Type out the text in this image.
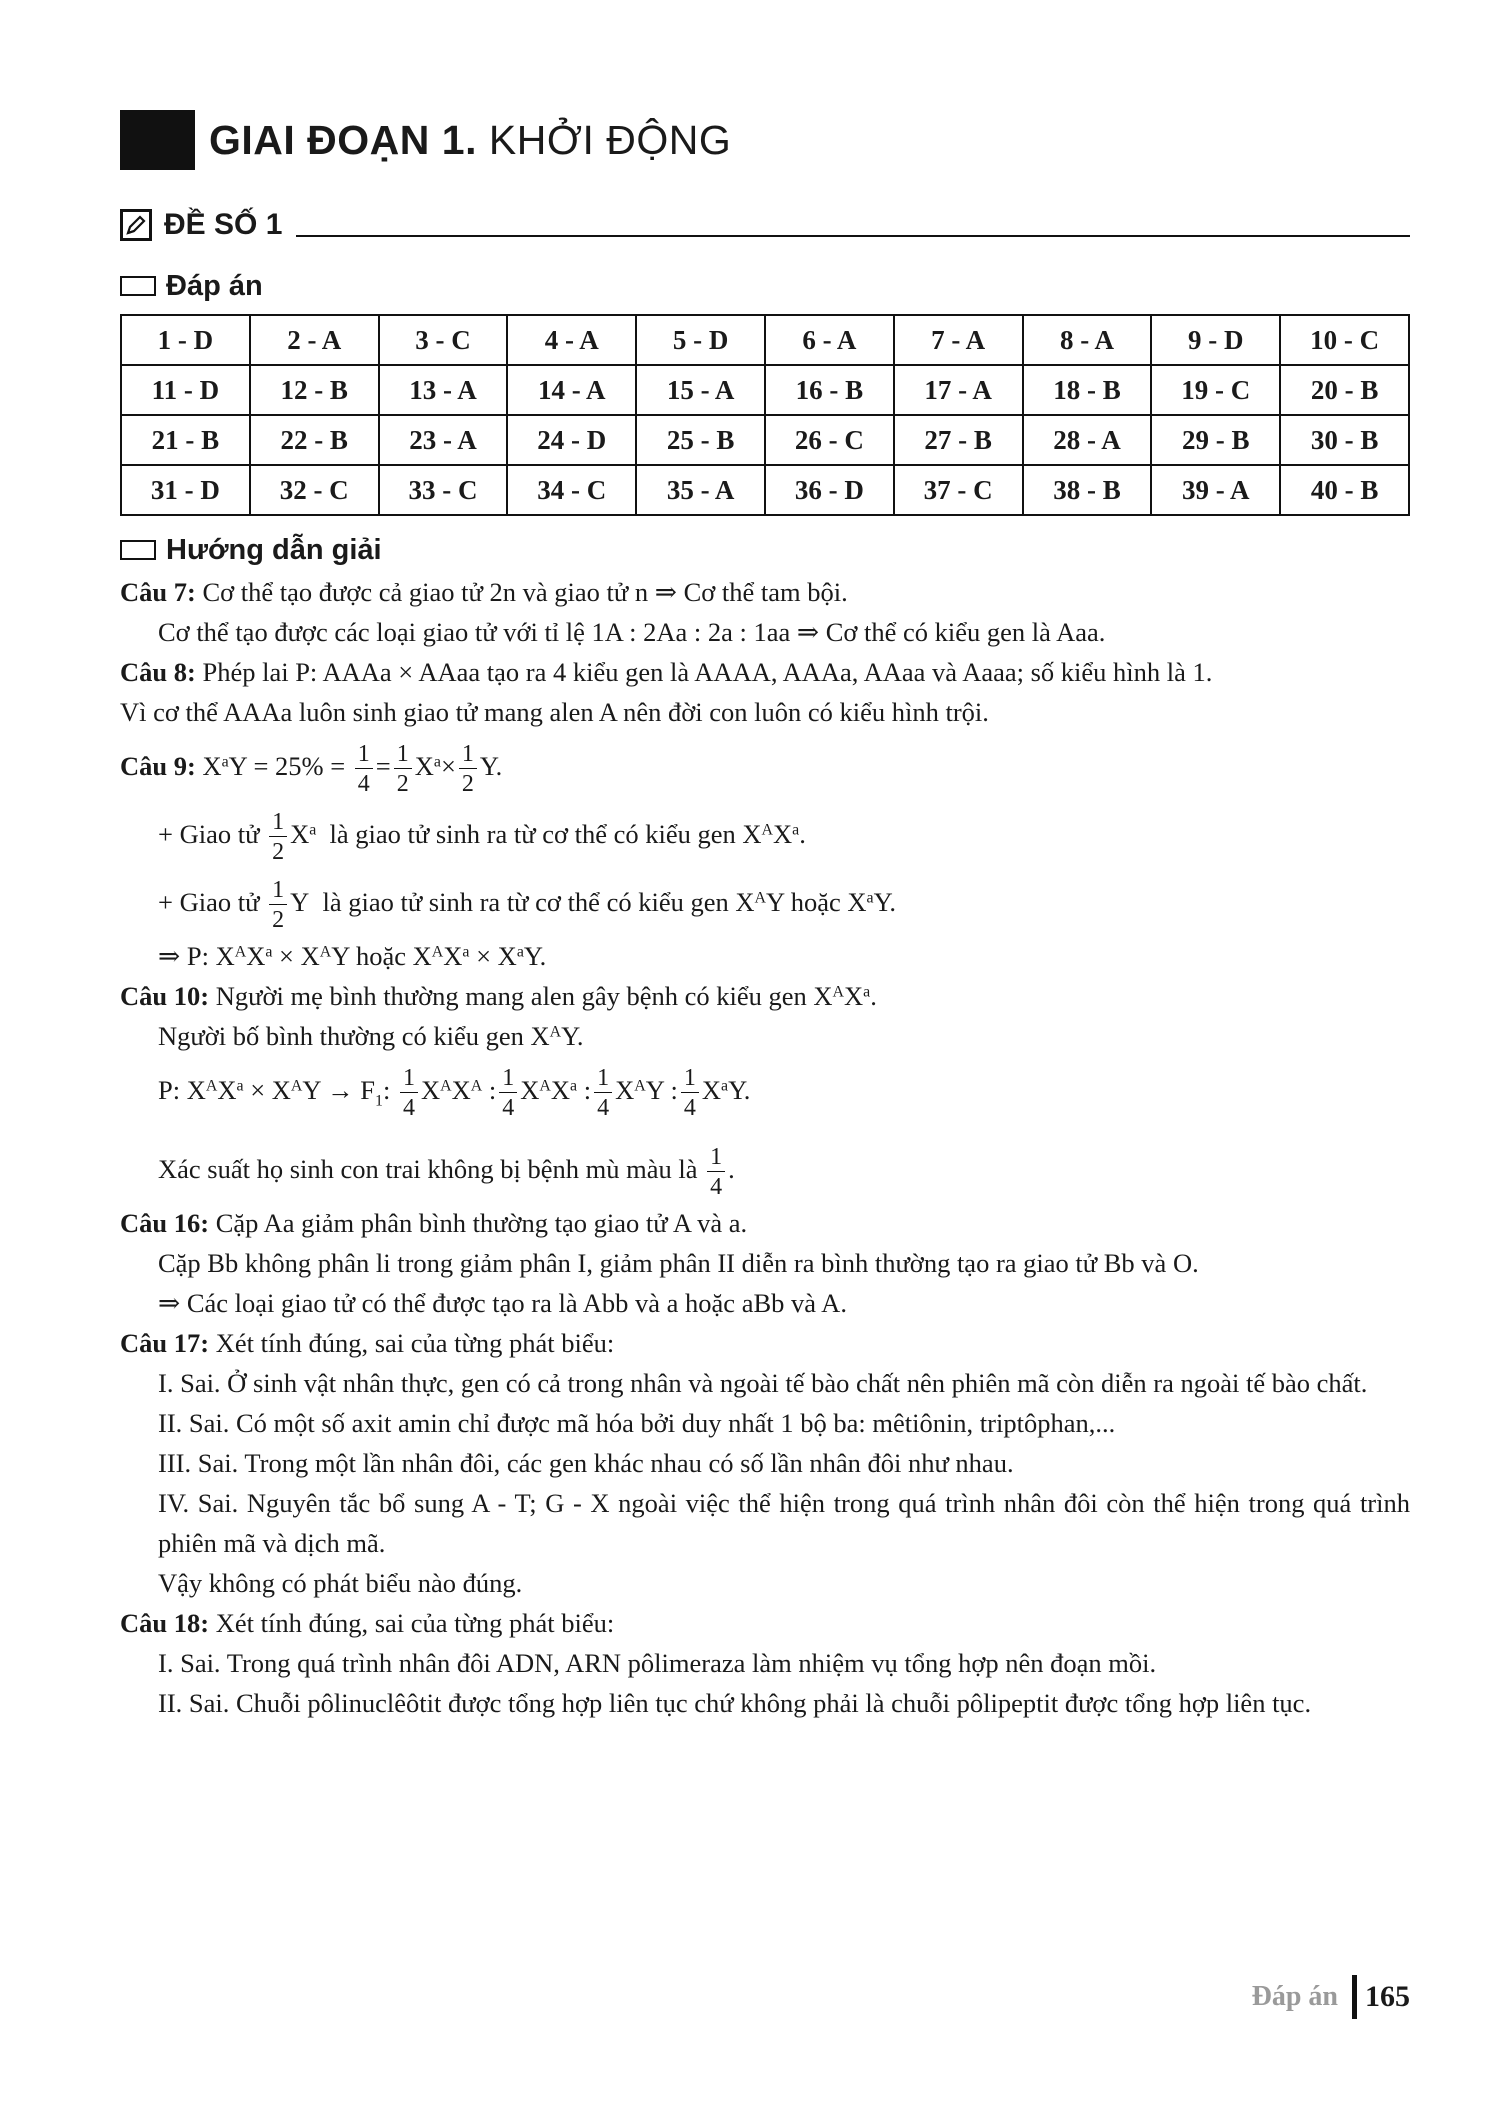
GIAI ĐOẠN 1. KHỞI ĐỘNG
ĐỀ SỐ 1
Đáp án
1 - D	2 - A	3 - C	4 - A	5 - D	6 - A	7 - A	8 - A	9 - D	10 - C
11 - D	12 - B	13 - A	14 - A	15 - A	16 - B	17 - A	18 - B	19 - C	20 - B
21 - B	22 - B	23 - A	24 - D	25 - B	26 - C	27 - B	28 - A	29 - B	30 - B
31 - D	32 - C	33 - C	34 - C	35 - A	36 - D	37 - C	38 - B	39 - A	40 - B
Hướng dẫn giải

Câu 7: Cơ thể tạo được cả giao tử 2n và giao tử n ⇒ Cơ thể tam bội.

Cơ thể tạo được các loại giao tử với tỉ lệ 1A : 2Aa : 2a : 1aa ⇒ Cơ thể có kiểu gen là Aaa.

Câu 8: Phép lai P: AAAa × AAaa tạo ra 4 kiểu gen là AAAA, AAAa, AAaa và Aaaa; số kiểu hình là 1.

Vì cơ thể AAAa luôn sinh giao tử mang alen A nên đời con luôn có kiểu hình trội.

Câu 9: $X^aY = 25\% = \frac{1}{4} = \frac{1}{2} X^a\times \frac{1}{2} Y$.

+ Giao tử $\frac{1}{2} X^a$ là giao tử sinh ra từ cơ thể có kiểu gen $X^AX^a$.

+ Giao tử $\frac{1}{2}$ Y  là giao tử sinh ra từ cơ thể có kiểu gen $X^AY$ hoặc $X^aY$.

⇒ P: $X^AX^a \times X^AY$ hoặc $X^AX^a \times X^aY$.

Câu 10: Người mẹ bình thường mang alen gây bệnh có kiểu gen $X^AX^a$.

Người bố bình thường có kiểu gen $X^AY$.

P: $X^AX^a \times X^AY \to F_1$: $\frac{1}{4} X^AX^A$ : $\frac{1}{4} X^AX^a$ : $\frac{1}{4} X^AY$ : $\frac{1}{4} X^aY$.

Xác suất họ sinh con trai không bị bệnh mù màu là $\frac{1}{4}$ .

Câu 16: Cặp Aa giảm phân bình thường tạo giao tử A và a.

Cặp Bb không phân li trong giảm phân I, giảm phân II diễn ra bình thường tạo ra giao tử Bb và O.

⇒ Các loại giao tử có thể được tạo ra là Abb và a hoặc aBb và A.

Câu 17: Xét tính đúng, sai của từng phát biểu:

I. Sai. Ở sinh vật nhân thực, gen có cả trong nhân và ngoài tế bào chất nên phiên mã còn diễn ra ngoài tế bào chất.

II. Sai. Có một số axit amin chỉ được mã hóa bởi duy nhất 1 bộ ba: mêtiônin, triptôphan,...

III. Sai. Trong một lần nhân đôi, các gen khác nhau có số lần nhân đôi như nhau.

IV. Sai. Nguyên tắc bổ sung A - T; G - X ngoài việc thể hiện trong quá trình nhân đôi còn thể hiện trong quá trình phiên mã và dịch mã.

Vậy không có phát biểu nào đúng.

Câu 18: Xét tính đúng, sai của từng phát biểu:

I. Sai. Trong quá trình nhân đôi ADN, ARN pôlimeraza làm nhiệm vụ tổng hợp nên đoạn mồi.

II. Sai. Chuỗi pôlinuclêôtit được tổng hợp liên tục chứ không phải là chuỗi pôlipeptit được tổng hợp liên tục.

Đáp án 165
